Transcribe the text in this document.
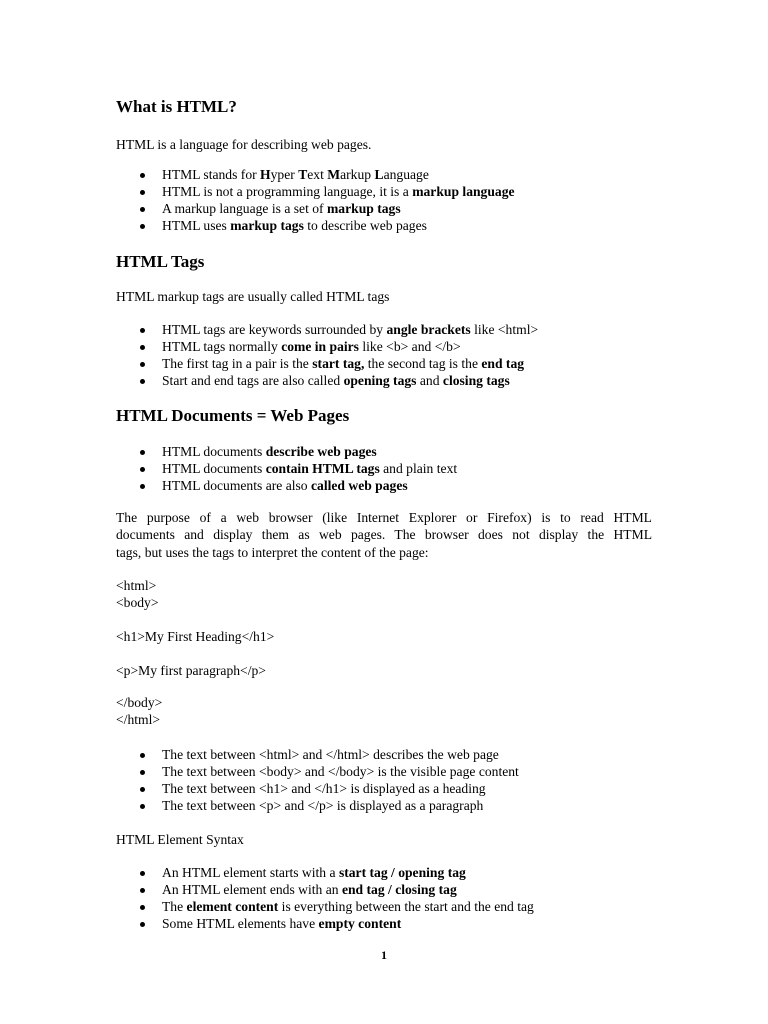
What is HTML?

HTML is a language for describing web pages.

HTML stands for Hyper Text Markup Language
HTML is not a programming language, it is a markup language
A markup language is a set of markup tags
HTML uses markup tags to describe web pages
HTML Tags

HTML markup tags are usually called HTML tags

HTML tags are keywords surrounded by angle brackets like <html>
HTML tags normally come in pairs like <b> and </b>
The first tag in a pair is the start tag, the second tag is the end tag
Start and end tags are also called opening tags and closing tags
HTML Documents = Web Pages
HTML documents describe web pages
HTML documents contain HTML tags and plain text
HTML documents are also called web pages
The purpose of a web browser (like Internet Explorer or Firefox) is to read HTML
documents and display them as web pages. The browser does not display the HTML
tags, but uses the tags to interpret the content of the page:
<html>
<body>
<h1>My First Heading</h1>
<p>My first paragraph</p>
</body>
</html>
The text between <html> and </html> describes the web page
The text between <body> and </body> is the visible page content
The text between <h1> and </h1> is displayed as a heading
The text between <p> and </p> is displayed as a paragraph

HTML Element Syntax

An HTML element starts with a start tag / opening tag
An HTML element ends with an end tag / closing tag
The element content is everything between the start and the end tag
Some HTML elements have empty content
1
